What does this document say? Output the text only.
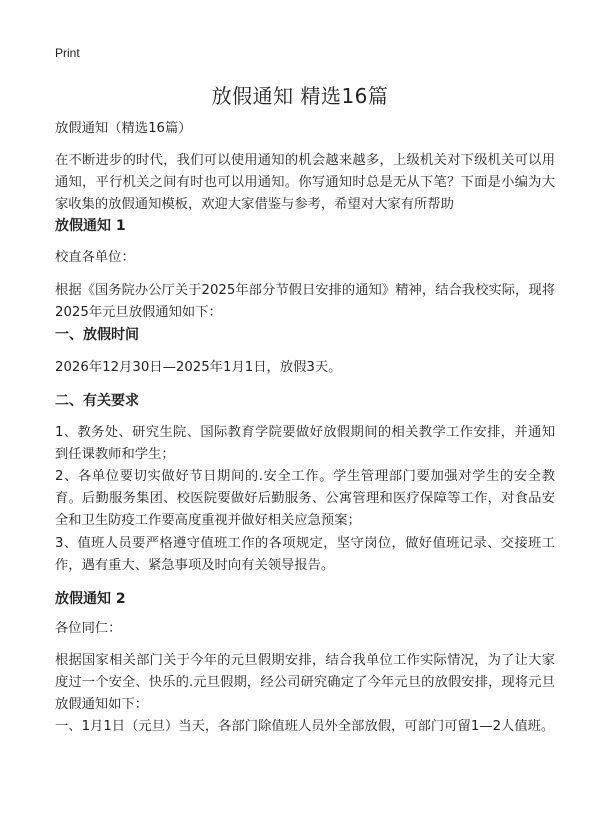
Print
放假通知 精选16篇
放假通知（精选16篇）
在不断进步的时代，我们可以使用通知的机会越来越多，上级机关对下级机关可以用通知，平行机关之间有时也可以用通知。你写通知时总是无从下笔？下面是小编为大家收集的放假通知模板，欢迎大家借鉴与参考，希望对大家有所帮助
放假通知 1
校直各单位：
根据《国务院办公厅关于2025年部分节假日安排的通知》精神，结合我校实际，现将2025年元旦放假通知如下：
一、放假时间
2026年12月30日—2025年1月1日，放假3天。
二、有关要求
1、教务处、研究生院、国际教育学院要做好放假期间的相关教学工作安排，并通知到任课教师和学生；
2、各单位要切实做好节日期间的.安全工作。学生管理部门要加强对学生的安全教育。后勤服务集团、校医院要做好后勤服务、公寓管理和医疗保障等工作，对食品安全和卫生防疫工作要高度重视并做好相关应急预案；
3、值班人员要严格遵守值班工作的各项规定，坚守岗位，做好值班记录、交接班工作，遇有重大、紧急事项及时向有关领导报告。
放假通知 2
各位同仁：
根据国家相关部门关于今年的元旦假期安排，结合我单位工作实际情况，为了让大家度过一个安全、快乐的.元旦假期，经公司研究确定了今年元旦的放假安排，现将元旦放假通知如下：
一、1月1日（元旦）当天，各部门除值班人员外全部放假，可部门可留1—2人值班。
